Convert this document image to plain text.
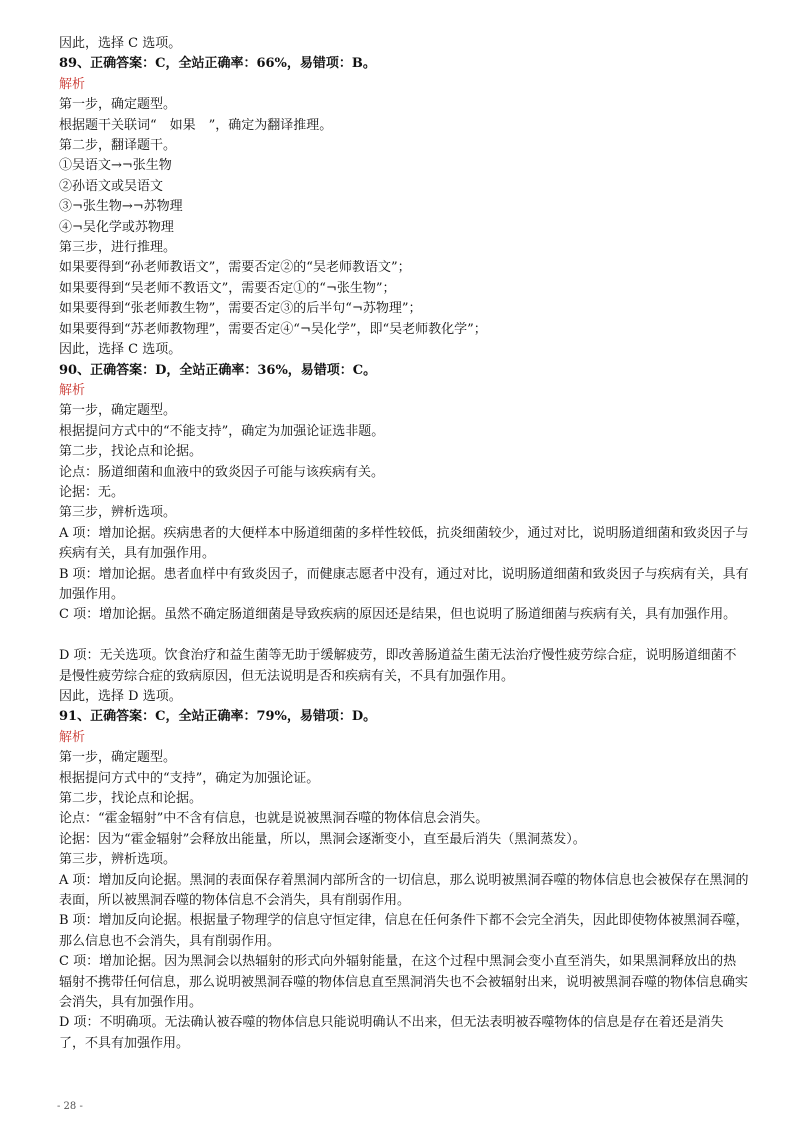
因此，选择 C 选项。
89、正确答案：C，全站正确率：66%，易错项：B。
解析
第一步，确定题型。
根据题干关联词“　如果　”，确定为翻译推理。
第二步，翻译题干。
①吴语文→¬张生物
②孙语文或吴语文
③¬张生物→¬苏物理
④¬吴化学或苏物理
第三步，进行推理。
如果要得到“孙老师教语文”，需要否定②的“吴老师教语文”；
如果要得到“吴老师不教语文”，需要否定①的“¬张生物”；
如果要得到“张老师教生物”，需要否定③的后半句“¬苏物理”；
如果要得到“苏老师教物理”，需要否定④“¬吴化学”，即“吴老师教化学”；
因此，选择 C 选项。
90、正确答案：D，全站正确率：36%，易错项：C。
解析
第一步，确定题型。
根据提问方式中的“不能支持”，确定为加强论证选非题。
第二步，找论点和论据。
论点：肠道细菌和血液中的致炎因子可能与该疾病有关。
论据：无。
第三步，辨析选项。
A 项：增加论据。疾病患者的大便样本中肠道细菌的多样性较低，抗炎细菌较少，通过对比，说明肠道细菌和致炎因子与疾病有关，具有加强作用。
B 项：增加论据。患者血样中有致炎因子，而健康志愿者中没有，通过对比，说明肠道细菌和致炎因子与疾病有关，具有加强作用。
C 项：增加论据。虽然不确定肠道细菌是导致疾病的原因还是结果，但也说明了肠道细菌与疾病有关，具有加强作用。
D 项：无关选项。饮食治疗和益生菌等无助于缓解疲劳，即改善肠道益生菌无法治疗慢性疲劳综合症，说明肠道细菌不是慢性疲劳综合症的致病原因，但无法说明是否和疾病有关，不具有加强作用。
因此，选择 D 选项。
91、正确答案：C，全站正确率：79%，易错项：D。
解析
第一步，确定题型。
根据提问方式中的“支持”，确定为加强论证。
第二步，找论点和论据。
论点：“霍金辐射”中不含有信息，也就是说被黑洞吞噬的物体信息会消失。
论据：因为“霍金辐射”会释放出能量，所以，黑洞会逐渐变小，直至最后消失（黑洞蒸发）。
第三步，辨析选项。
A 项：增加反向论据。黑洞的表面保存着黑洞内部所含的一切信息，那么说明被黑洞吞噬的物体信息也会被保存在黑洞的表面，所以被黑洞吞噬的物体信息不会消失，具有削弱作用。
B 项：增加反向论据。根据量子物理学的信息守恒定律，信息在任何条件下都不会完全消失，因此即使物体被黑洞吞噬，那么信息也不会消失，具有削弱作用。
C 项：增加论据。因为黑洞会以热辐射的形式向外辐射能量，在这个过程中黑洞会变小直至消失，如果黑洞释放出的热辐射不携带任何信息，那么说明被黑洞吞噬的物体信息直至黑洞消失也不会被辐射出来，说明被黑洞吞噬的物体信息确实会消失，具有加强作用。
D 项：不明确项。无法确认被吞噬的物体信息只能说明确认不出来，但无法表明被吞噬物体的信息是存在着还是消失了，不具有加强作用。
- 28 -
